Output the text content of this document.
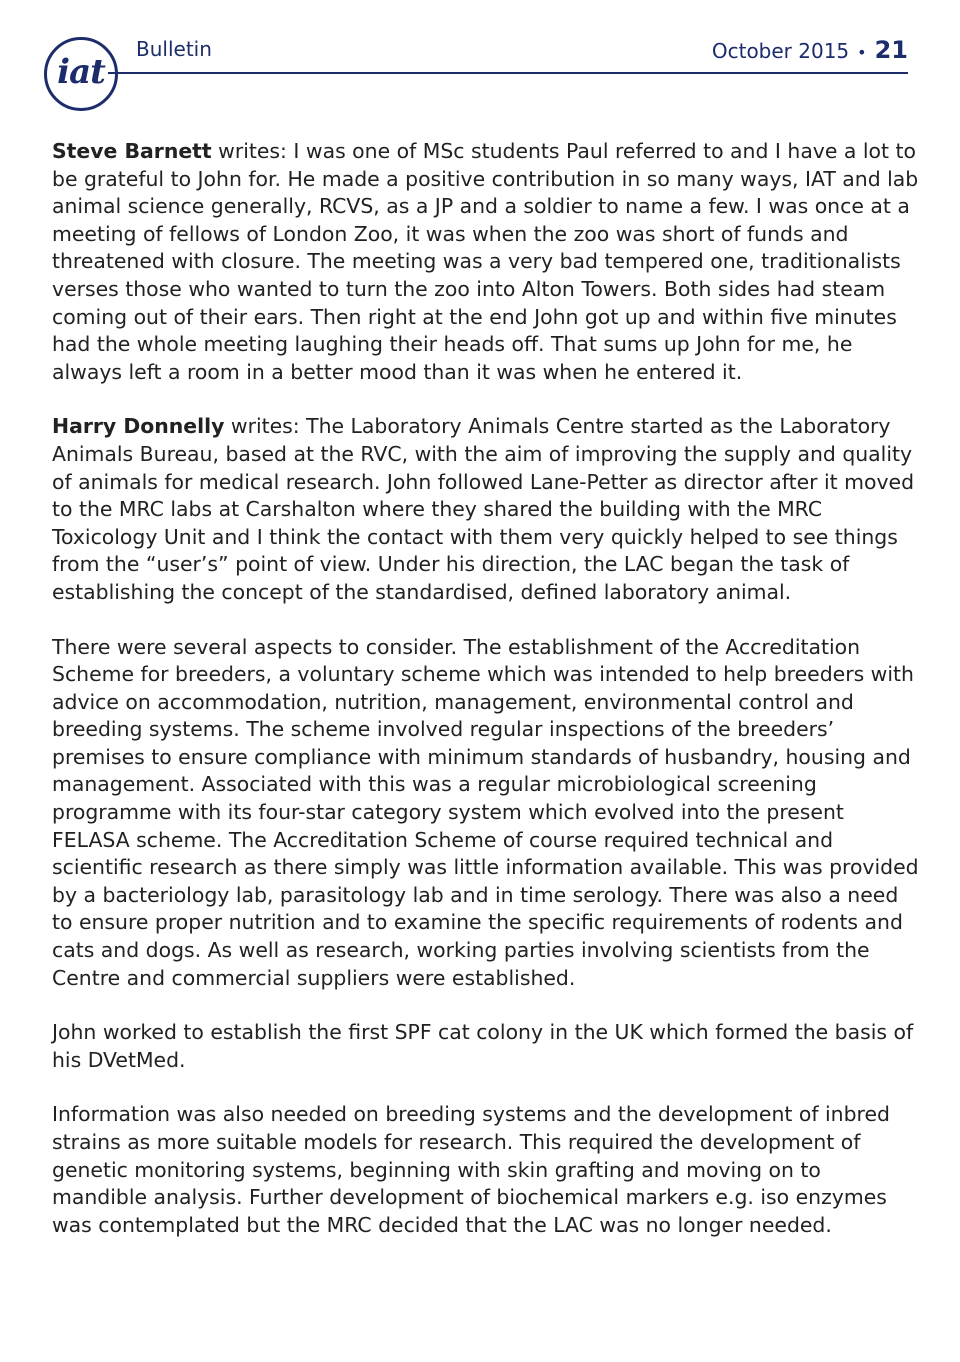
iat
Bulletin	October 2015 • 21

Steve Barnett writes: I was one of MSc students Paul referred to and I have a lot to be grateful to John for. He made a positive contribution in so many ways, IAT and lab animal science generally, RCVS, as a JP and a soldier to name a few. I was once at a meeting of fellows of London Zoo, it was when the zoo was short of funds and threatened with closure. The meeting was a very bad tempered one, traditionalists verses those who wanted to turn the zoo into Alton Towers. Both sides had steam coming out of their ears. Then right at the end John got up and within five minutes had the whole meeting laughing their heads off. That sums up John for me, he always left a room in a better mood than it was when he entered it.

Harry Donnelly writes: The Laboratory Animals Centre started as the Laboratory Animals Bureau, based at the RVC, with the aim of improving the supply and quality of animals for medical research. John followed Lane-Petter as director after it moved to the MRC labs at Carshalton where they shared the building with the MRC Toxicology Unit and I think the contact with them very quickly helped to see things from the “user’s” point of view. Under his direction, the LAC began the task of establishing the concept of the standardised, defined laboratory animal.

There were several aspects to consider. The establishment of the Accreditation Scheme for breeders, a voluntary scheme which was intended to help breeders with advice on accommodation, nutrition, management, environmental control and breeding systems. The scheme involved regular inspections of the breeders’ premises to ensure compliance with minimum standards of husbandry, housing and management. Associated with this was a regular microbiological screening programme with its four-star category system which evolved into the present FELASA scheme. The Accreditation Scheme of course required technical and scientific research as there simply was little information available. This was provided by a bacteriology lab, parasitology lab and in time serology. There was also a need to ensure proper nutrition and to examine the specific requirements of rodents and cats and dogs. As well as research, working parties involving scientists from the Centre and commercial suppliers were established.

John worked to establish the first SPF cat colony in the UK which formed the basis of his DVetMed.

Information was also needed on breeding systems and the development of inbred strains as more suitable models for research. This required the development of genetic monitoring systems, beginning with skin grafting and moving on to mandible analysis. Further development of biochemical markers e.g. iso enzymes was contemplated but the MRC decided that the LAC was no longer needed.
